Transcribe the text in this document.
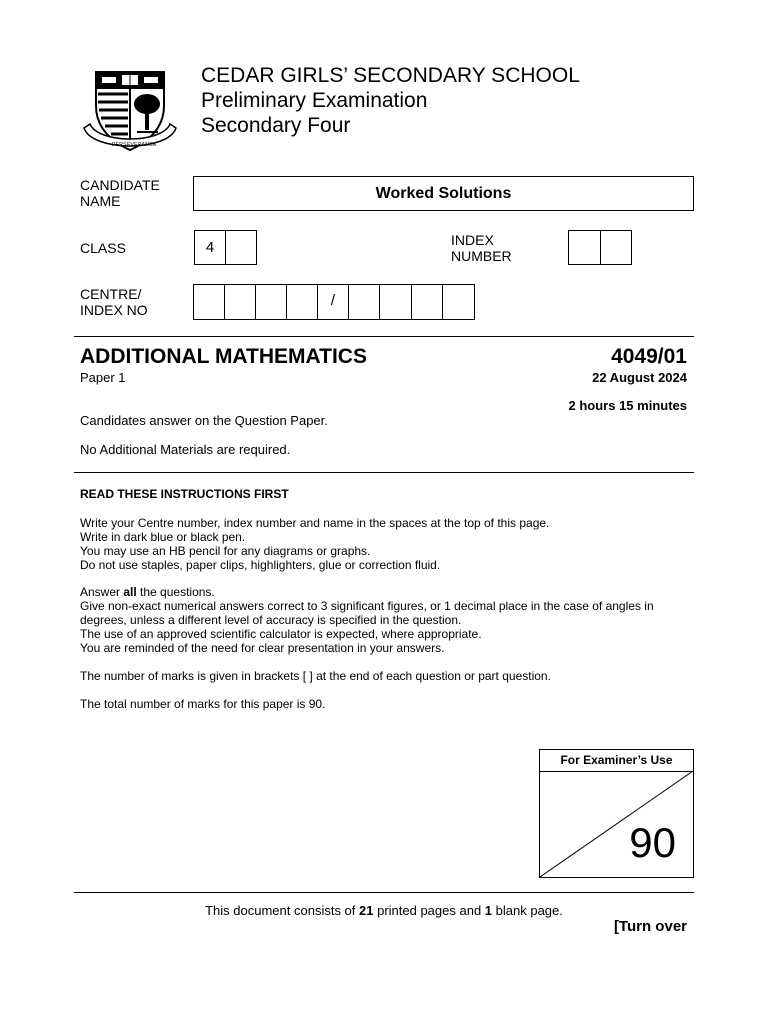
PERSEVERANCE
CEDAR GIRLS’ SECONDARY SCHOOL
Preliminary Examination
Secondary Four
CANDIDATE
NAME	Worked Solutions
CLASS	4	INDEX
NUMBER
CENTRE/
INDEX NO
/
ADDITIONAL MATHEMATICS	4049/01
Paper 1	22 August 2024
2 hours 15 minutes
Candidates answer on the Question Paper.
No Additional Materials are required.
READ THESE INSTRUCTIONS FIRST
Write your Centre number, index number and name in the spaces at the top of this page.
Write in dark blue or black pen.
You may use an HB pencil for any diagrams or graphs.
Do not use staples, paper clips, highlighters, glue or correction fluid.
Answer all the questions.
Give non-exact numerical answers correct to 3 significant figures, or 1 decimal place in the case of angles in
degrees, unless a different level of accuracy is specified in the question.
The use of an approved scientific calculator is expected, where appropriate.
You are reminded of the need for clear presentation in your answers.
The number of marks is given in brackets [ ] at the end of each question or part question.
The total number of marks for this paper is 90.
For Examiner’s Use
90
This document consists of 21 printed pages and 1 blank page.
[Turn over
